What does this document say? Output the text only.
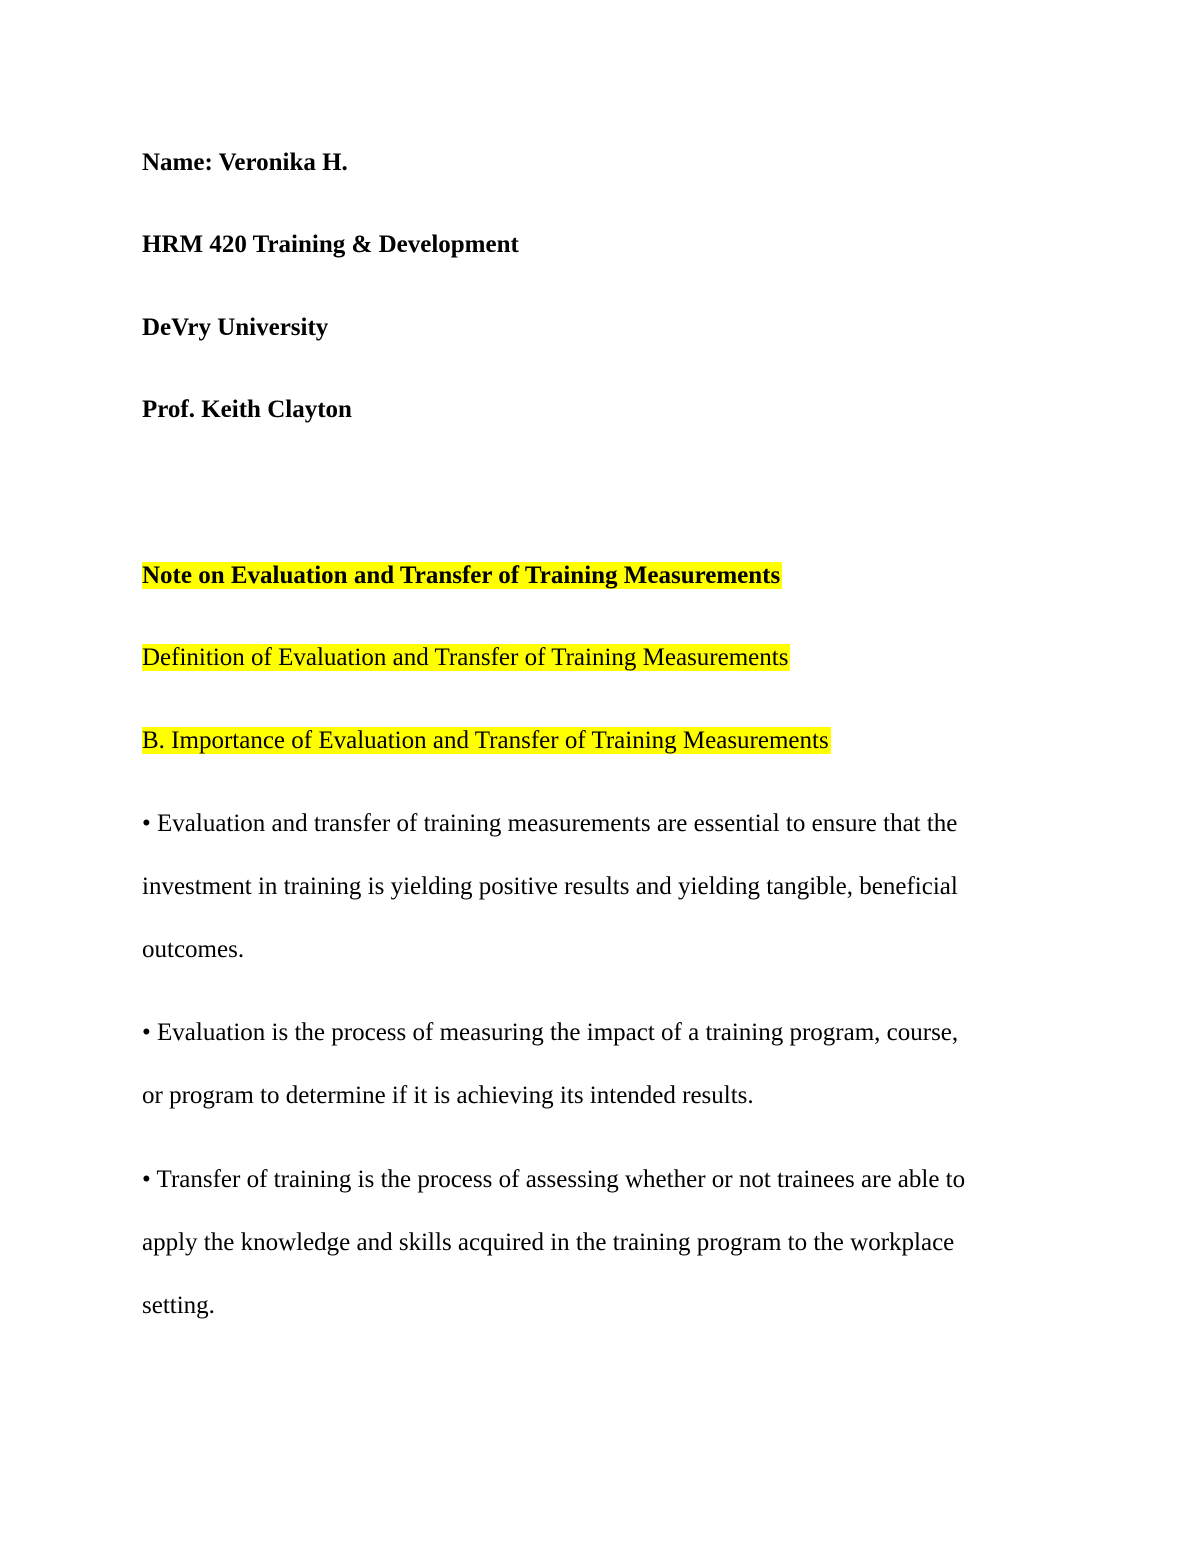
Name: Veronika H.
HRM 420 Training & Development
DeVry University
Prof. Keith Clayton
Note on Evaluation and Transfer of Training Measurements
Definition of Evaluation and Transfer of Training Measurements
B. Importance of Evaluation and Transfer of Training Measurements

• Evaluation and transfer of training measurements are essential to ensure that the

investment in training is yielding positive results and yielding tangible, beneficial

outcomes.

• Evaluation is the process of measuring the impact of a training program, course,

or program to determine if it is achieving its intended results.

• Transfer of training is the process of assessing whether or not trainees are able to

apply the knowledge and skills acquired in the training program to the workplace

setting.
